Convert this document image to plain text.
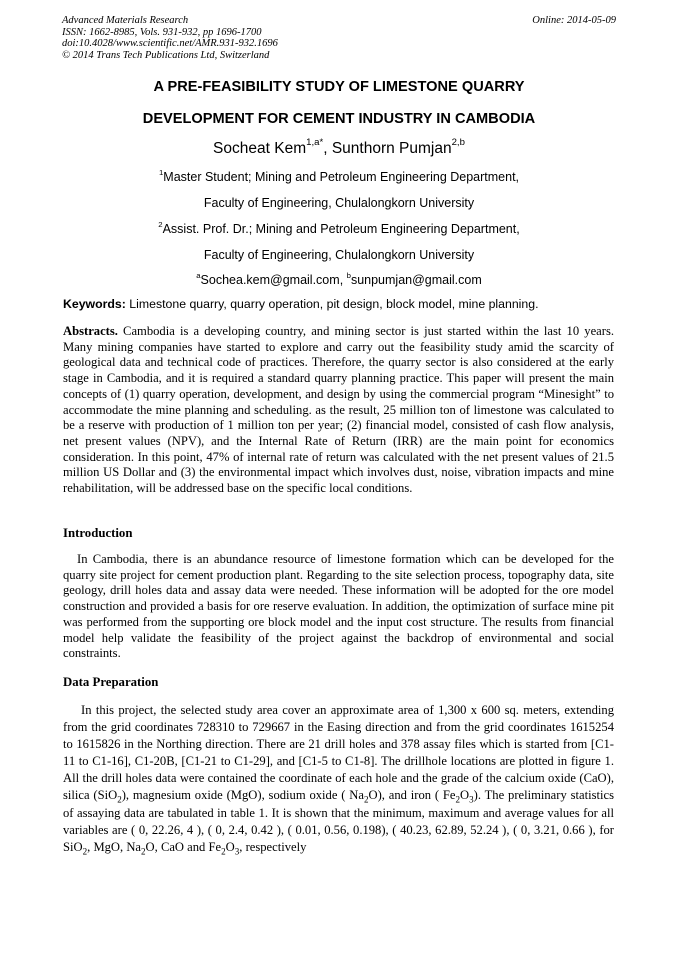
Advanced Materials Research
ISSN: 1662-8985, Vols. 931-932, pp 1696-1700
doi:10.4028/www.scientific.net/AMR.931-932.1696
© 2014 Trans Tech Publications Ltd, Switzerland
Online: 2014-05-09
A PRE-FEASIBILITY STUDY OF LIMESTONE QUARRY
DEVELOPMENT FOR CEMENT INDUSTRY IN CAMBODIA
Socheat Kem$^{1,a*}$, Sunthorn Pumjan$^{2,b}$
$^1$Master Student; Mining and Petroleum Engineering Department,
Faculty of Engineering, Chulalongkorn University
$^2$Assist. Prof. Dr.; Mining and Petroleum Engineering Department,
Faculty of Engineering, Chulalongkorn University
$^a$Sochea.kem@gmail.com, $^b$sunpumjan@gmail.com
Keywords: Limestone quarry, quarry operation, pit design, block model, mine planning.
Abstracts. Cambodia is a developing country, and mining sector is just started within the last 10 years. Many mining companies have started to explore and carry out the feasibility study amid the scarcity of geological data and technical code of practices. Therefore, the quarry sector is also considered at the early stage in Cambodia, and it is required a standard quarry planning practice. This paper will present the main concepts of (1) quarry operation, development, and design by using the commercial program “Minesight” to accommodate the mine planning and scheduling. as the result, 25 million ton of limestone was calculated to be a reserve with production of 1 million ton per year; (2) financial model, consisted of cash flow analysis, net present values (NPV), and the Internal Rate of Return (IRR) are the main point for economics consideration. In this point, 47% of internal rate of return was calculated with the net present values of 21.5 million US Dollar and (3) the environmental impact which involves dust, noise, vibration impacts and mine rehabilitation, will be addressed base on the specific local conditions.
Introduction
In Cambodia, there is an abundance resource of limestone formation which can be developed for the quarry site project for cement production plant. Regarding to the site selection process, topography data, site geology, drill holes data and assay data were needed. These information will be adopted for the ore model construction and provided a basis for ore reserve evaluation. In addition, the optimization of surface mine pit was performed from the supporting ore block model and the input cost structure. The results from financial model help validate the feasibility of the project against the backdrop of environmental and social constraints.
Data Preparation
In this project, the selected study area cover an approximate area of 1,300 x 600 sq. meters, extending from the grid coordinates 728310 to 729667 in the Easing direction and from the grid coordinates 1615254 to 1615826 in the Northing direction. There are 21 drill holes and 378 assay files which is started from [C1-11 to C1-16], C1-20B, [C1-21 to C1-29], and [C1-5 to C1-8]. The drillhole locations are plotted in figure 1. All the drill holes data were contained the coordinate of each hole and the grade of the calcium oxide (CaO), silica (SiO$_2$), magnesium oxide (MgO), sodium oxide ( $Na_2O$), and iron ( $Fe_2O_3$). The preliminary statistics of assaying data are tabulated in table 1. It is shown that the minimum, maximum and average values for all variables are ( 0, 22.26, 4 ), ( 0, 2.4, 0.42 ), ( 0.01, 0.56, 0.198), ( 40.23, 62.89, 52.24 ), ( 0, 3.21, 0.66 ), for SiO$_2$, MgO, $Na_2O$, CaO and $Fe_2O_3$, respectively
